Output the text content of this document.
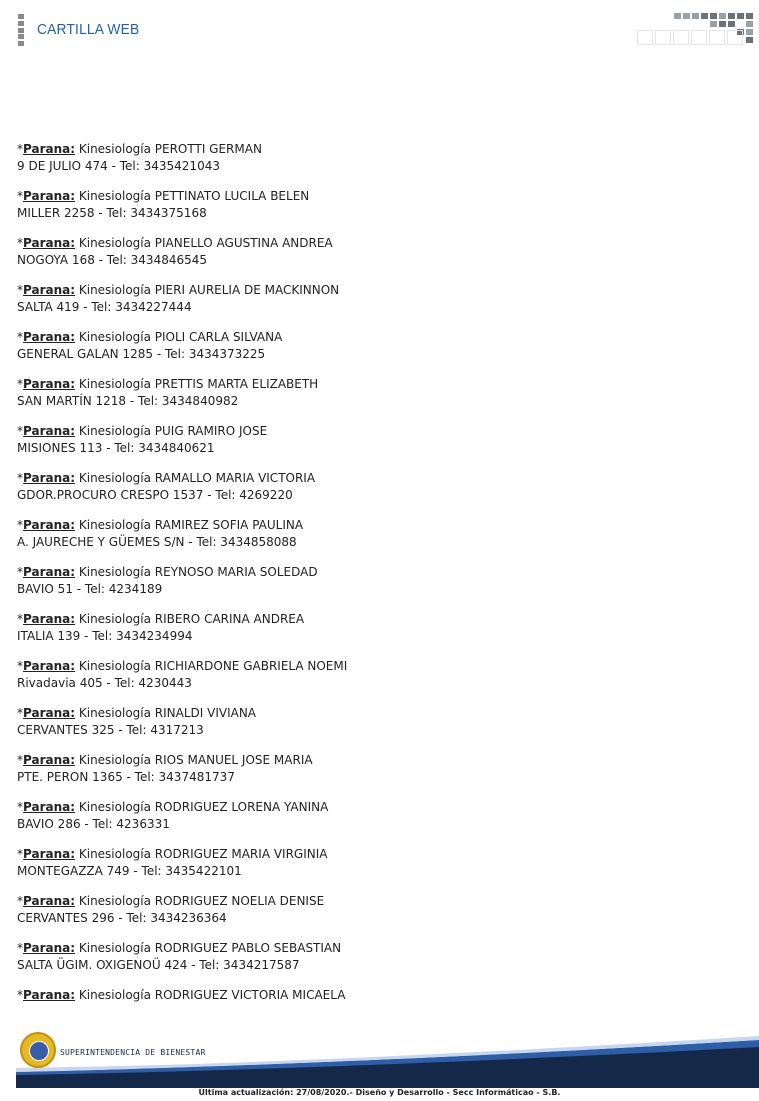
CARTILLA WEB
*Parana: Kinesiología PEROTTI GERMAN
9 DE JULIO 474 - Tel: 3435421043
*Parana: Kinesiología PETTINATO LUCILA BELEN
MILLER 2258 - Tel: 3434375168
*Parana: Kinesiología PIANELLO AGUSTINA ANDREA
NOGOYA 168 - Tel: 3434846545
*Parana: Kinesiología PIERI AURELIA DE MACKINNON
SALTA 419 - Tel: 3434227444
*Parana: Kinesiología PIOLI CARLA SILVANA
GENERAL GALAN 1285 - Tel: 3434373225
*Parana: Kinesiología PRETTIS MARTA ELIZABETH
SAN MARTÍN 1218 - Tel: 3434840982
*Parana: Kinesiología PUIG RAMIRO JOSE
MISIONES 113 - Tel: 3434840621
*Parana: Kinesiología RAMALLO MARIA VICTORIA
GDOR.PROCURO CRESPO 1537 - Tel: 4269220
*Parana: Kinesiología RAMIREZ SOFIA PAULINA
A. JAURECHE Y GÜEMES S/N - Tel: 3434858088
*Parana: Kinesiología REYNOSO MARIA SOLEDAD
BAVIO 51 - Tel: 4234189
*Parana: Kinesiología RIBERO CARINA ANDREA
ITALIA 139 - Tel: 3434234994
*Parana: Kinesiología RICHIARDONE GABRIELA NOEMI
Rivadavia 405 - Tel: 4230443
*Parana: Kinesiología RINALDI VIVIANA
CERVANTES 325 - Tel: 4317213
*Parana: Kinesiología RIOS MANUEL JOSE MARIA
PTE. PERON 1365 - Tel: 3437481737
*Parana: Kinesiología RODRIGUEZ LORENA YANINA
BAVIO 286 - Tel: 4236331
*Parana: Kinesiología RODRIGUEZ MARIA VIRGINIA
MONTEGAZZA 749 - Tel: 3435422101
*Parana: Kinesiología RODRIGUEZ NOELIA DENISE
CERVANTES 296 - Tel: 3434236364
*Parana: Kinesiología RODRIGUEZ PABLO SEBASTIAN
SALTA ÜGIM. OXIGENOÜ 424 - Tel: 3434217587
*Parana: Kinesiología RODRIGUEZ VICTORIA MICAELA
SUPERINTENDENCIA DE BIENESTAR
Última actualización: 27/08/2020.- Diseño y Desarrollo - Secc Informáticao - S.B.
